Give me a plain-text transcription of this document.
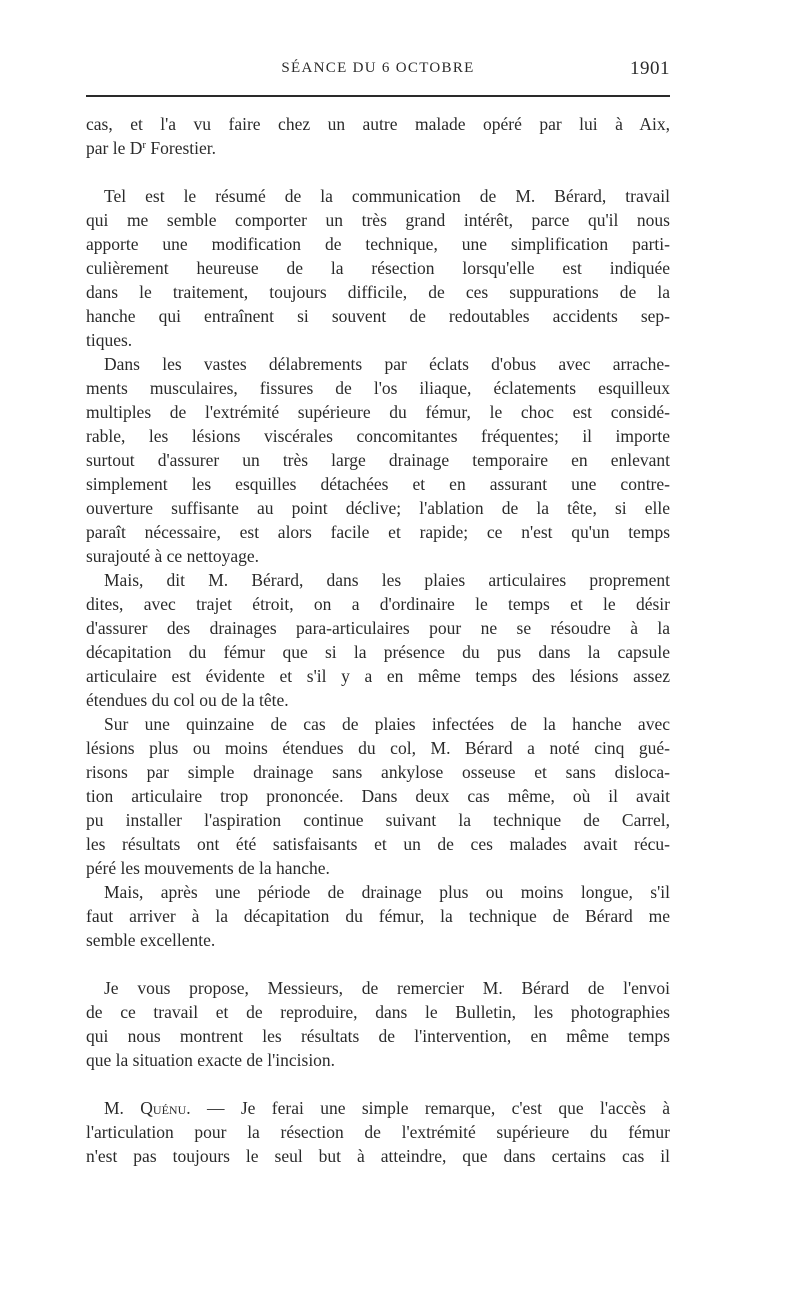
SÉANCE DU 6 OCTOBRE	1901
cas, et l'a vu faire chez un autre malade opéré par lui à Aix,
par le $D^r$ Forestier.
Tel est le résumé de la communication de M. Bérard, travail
qui me semble comporter un très grand intérêt, parce qu'il nous
apporte une modification de technique, une simplification parti-
culièrement heureuse de la résection lorsqu'elle est indiquée
dans le traitement, toujours difficile, de ces suppurations de la
hanche qui entraînent si souvent de redoutables accidents sep-
tiques.
Dans les vastes délabrements par éclats d'obus avec arrache-
ments musculaires, fissures de l'os iliaque, éclatements esquilleux
multiples de l'extrémité supérieure du fémur, le choc est considé-
rable, les lésions viscérales concomitantes fréquentes; il importe
surtout d'assurer un très large drainage temporaire en enlevant
simplement les esquilles détachées et en assurant une contre-
ouverture suffisante au point déclive; l'ablation de la tête, si elle
paraît nécessaire, est alors facile et rapide; ce n'est qu'un temps
surajouté à ce nettoyage.
Mais, dit M. Bérard, dans les plaies articulaires proprement
dites, avec trajet étroit, on a d'ordinaire le temps et le désir
d'assurer des drainages para-articulaires pour ne se résoudre à la
décapitation du fémur que si la présence du pus dans la capsule
articulaire est évidente et s'il y a en même temps des lésions assez
étendues du col ou de la tête.
Sur une quinzaine de cas de plaies infectées de la hanche avec
lésions plus ou moins étendues du col, M. Bérard a noté cinq gué-
risons par simple drainage sans ankylose osseuse et sans disloca-
tion articulaire trop prononcée. Dans deux cas même, où il avait
pu installer l'aspiration continue suivant la technique de Carrel,
les résultats ont été satisfaisants et un de ces malades avait récu-
péré les mouvements de la hanche.
Mais, après une période de drainage plus ou moins longue, s'il
faut arriver à la décapitation du fémur, la technique de Bérard me
semble excellente.
Je vous propose, Messieurs, de remercier M. Bérard de l'envoi
de ce travail et de reproduire, dans le Bulletin, les photographies
qui nous montrent les résultats de l'intervention, en même temps
que la situation exacte de l'incision.
M. Quénu. — Je ferai une simple remarque, c'est que l'accès à
l'articulation pour la résection de l'extrémité supérieure du fémur
n'est pas toujours le seul but à atteindre, que dans certains cas il
